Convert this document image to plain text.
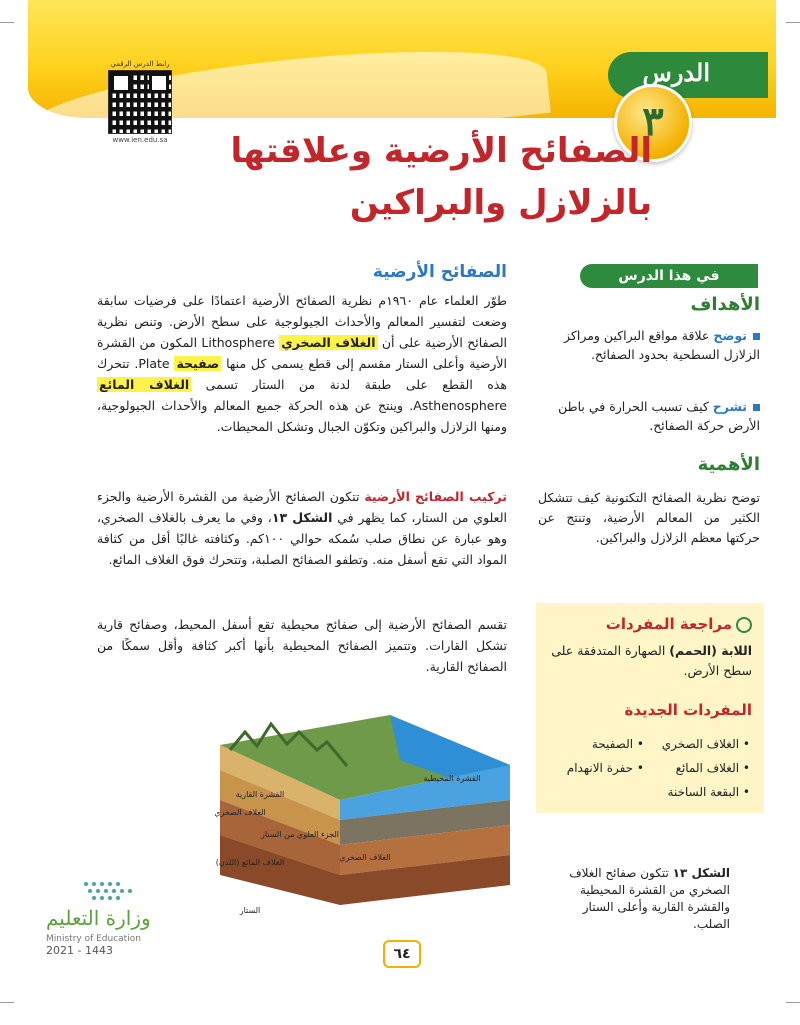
الدرس
٣
رابط الدرس الرقمي
www.ien.edu.sa	الصفائح الأرضية وعلاقتها
بالزلازل والبراكين
في هذا الدرس
الأهداف
توضح علاقة مواقع البراكين ومراكز الزلازل السطحية بحدود الصفائح.
تشرح كيف تسبب الحرارة في باطن الأرض حركة الصفائح.
الأهمية
توضح نظرية الصفائح التكتونية كيف تتشكل الكثير من المعالم الأرضية، وتنتج عن حركتها معظم الزلازل والبراكين.
مراجعة المفردات
اللابة (الحمم) الصهارة المتدفقة على سطح الأرض.
المفردات الجديدة
• الغلاف الصخري
• الصفيحة
• الغلاف المائع
• حفرة الانهدام
• البقعة الساخنة
الصفائح الأرضية
طوّر العلماء عام ١٩٦٠م نظرية الصفائح الأرضية اعتمادًا على فرضيات سابقة وضعت لتفسير المعالم والأحداث الجيولوجية على سطح الأرض. وتنص نظرية الصفائح الأرضية على أن الغلاف الصخري Lithosphere المكون من القشرة الأرضية وأعلى الستار مقسم إلى قطع يسمى كل منها صفيحة Plate. تتحرك هذه القطع على طبقة لدنة من الستار تسمى الغلاف المائع Asthenosphere. وينتج عن هذه الحركة جميع المعالم والأحداث الجيولوجية، ومنها الزلازل والبراكين وتكوّن الجبال وتشكل المحيطات.
تركيب الصفائح الأرضية تتكون الصفائح الأرضية من القشرة الأرضية والجزء العلوي من الستار، كما يظهر في الشكل ١٣، وفي ما يعرف بالغلاف الصخري، وهو عبارة عن نطاق صلب سُمكه حوالي ١٠٠كم. وكثافته غالبًا أقل من كثافة المواد التي تقع أسفل منه. وتطفو الصفائح الصلبة، وتتحرك فوق الغلاف المائع.
تقسم الصفائح الأرضية إلى صفائح محيطية تقع أسفل المحيط، وصفائح قارية تشكل القارات. وتتميز الصفائح المحيطية بأنها أكبر كثافة وأقل سمكًا من الصفائح القارية.
القشرة المحيطية
القشرة القارية
الغلاف الصخري
الغلاف الصخري
الجزء العلوي من الستار
الغلاف المائع (اللدن)
الستار
الشكل ١٣ تتكون صفائح الغلاف الصخري من القشرة المحيطية والقشرة القارية وأعلى الستار الصلب.
وزارة التعليم
Ministry of Education
2021 - 1443	٦٤
